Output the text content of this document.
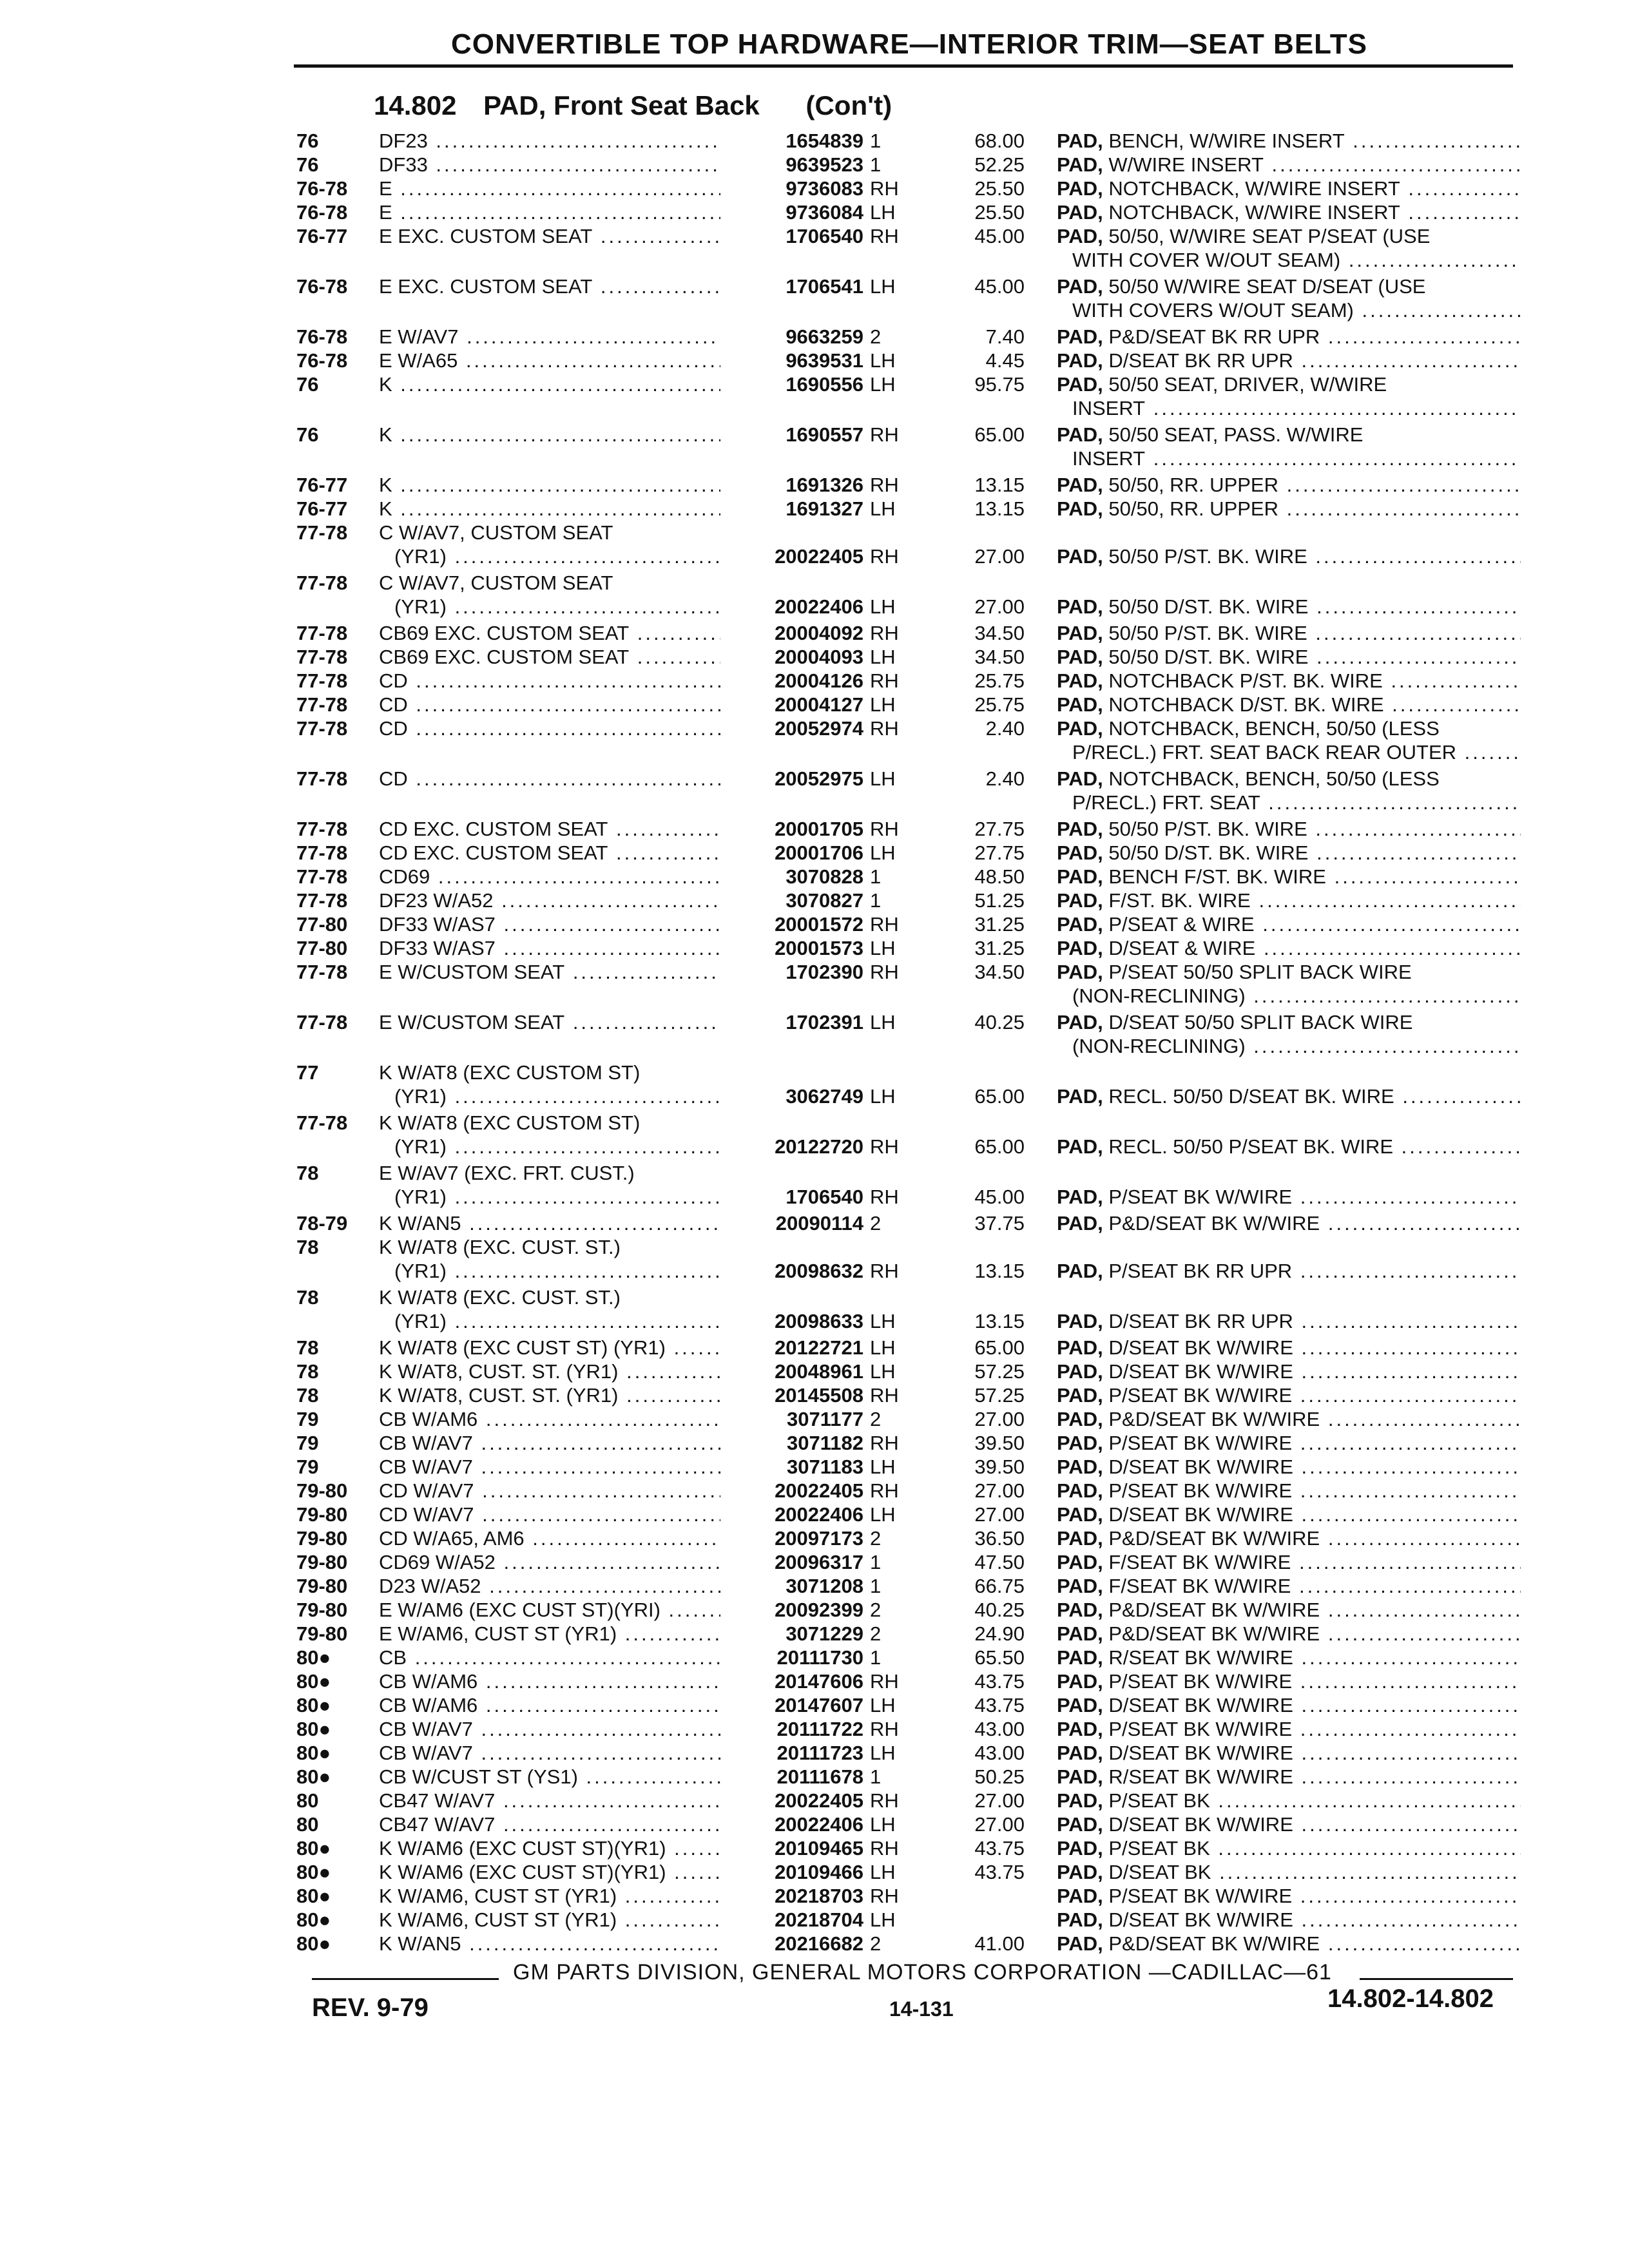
CONVERTIBLE TOP HARDWARE—INTERIOR TRIM—SEAT BELTS
14.802 PAD, Front Seat Back (Con't)
76	DF23 .....	1654839 1	68.00 PAD, BENCH, W/WIRE INSERT .....
76	DF33 .....	9639523 1	52.25 PAD, W/WIRE INSERT .....
76-78	E .....	9736083 RH	25.50 PAD, NOTCHBACK, W/WIRE INSERT .....
76-78	E .....	9736084 LH	25.50 PAD, NOTCHBACK, W/WIRE INSERT .....
76-77	E EXC. CUSTOM SEAT .....	1706540 RH	45.00 PAD, 50/50, W/WIRE SEAT P/SEAT (USE
WITH COVER W/OUT SEAM) .....
76-78	E EXC. CUSTOM SEAT .....	1706541 LH	45.00 PAD, 50/50 W/WIRE SEAT D/SEAT (USE
WITH COVERS W/OUT SEAM) .....
76-78	E W/AV7 .....	9663259 2	7.40 PAD, P&D/SEAT BK RR UPR .....
76-78	E W/A65 .....	9639531 LH	4.45 PAD, D/SEAT BK RR UPR .....
76	K .....	1690556 LH	95.75 PAD, 50/50 SEAT, DRIVER, W/WIRE
INSERT .....
76	K .....	1690557 RH	65.00 PAD, 50/50 SEAT, PASS. W/WIRE
INSERT .....
76-77	K .....	1691326 RH	13.15 PAD, 50/50, RR. UPPER .....
76-77	K .....	1691327 LH	13.15 PAD, 50/50, RR. UPPER .....
77-78	C W/AV7, CUSTOM SEAT
(YR1) .....	20022405 RH	27.00 PAD, 50/50 P/ST. BK. WIRE .....
77-78	C W/AV7, CUSTOM SEAT
(YR1) .....	20022406 LH	27.00 PAD, 50/50 D/ST. BK. WIRE .....
77-78	CB69 EXC. CUSTOM SEAT .....	20004092 RH	34.50 PAD, 50/50 P/ST. BK. WIRE .....
77-78	CB69 EXC. CUSTOM SEAT .....	20004093 LH	34.50 PAD, 50/50 D/ST. BK. WIRE .....
77-78	CD .....	20004126 RH	25.75 PAD, NOTCHBACK P/ST. BK. WIRE .....
77-78	CD .....	20004127 LH	25.75 PAD, NOTCHBACK D/ST. BK. WIRE .....
77-78	CD .....	20052974 RH	2.40 PAD, NOTCHBACK, BENCH, 50/50 (LESS
P/RECL.) FRT. SEAT BACK REAR OUTER .....
77-78	CD .....	20052975 LH	2.40 PAD, NOTCHBACK, BENCH, 50/50 (LESS
P/RECL.) FRT. SEAT .....
77-78	CD EXC. CUSTOM SEAT .....	20001705 RH	27.75 PAD, 50/50 P/ST. BK. WIRE .....
77-78	CD EXC. CUSTOM SEAT .....	20001706 LH	27.75 PAD, 50/50 D/ST. BK. WIRE .....
77-78	CD69 .....	3070828 1	48.50 PAD, BENCH F/ST. BK. WIRE .....
77-78	DF23 W/A52 .....	3070827 1	51.25 PAD, F/ST. BK. WIRE .....
77-80	DF33 W/AS7 .....	20001572 RH	31.25 PAD, P/SEAT & WIRE .....
77-80	DF33 W/AS7 .....	20001573 LH	31.25 PAD, D/SEAT & WIRE .....
77-78	E W/CUSTOM SEAT .....	1702390 RH	34.50 PAD, P/SEAT 50/50 SPLIT BACK WIRE
(NON-RECLINING) .....
77-78	E W/CUSTOM SEAT .....	1702391 LH	40.25 PAD, D/SEAT 50/50 SPLIT BACK WIRE
(NON-RECLINING) .....
77	K W/AT8 (EXC CUSTOM ST)
(YR1) .....	3062749 LH	65.00 PAD, RECL. 50/50 D/SEAT BK. WIRE .....
77-78	K W/AT8 (EXC CUSTOM ST)
(YR1) .....	20122720 RH	65.00 PAD, RECL. 50/50 P/SEAT BK. WIRE .....
78	E W/AV7 (EXC. FRT. CUST.)
(YR1) .....	1706540 RH	45.00 PAD, P/SEAT BK W/WIRE .....
78-79	K W/AN5 .....	20090114 2	37.75 PAD, P&D/SEAT BK W/WIRE .....
78	K W/AT8 (EXC. CUST. ST.)
(YR1) .....	20098632 RH	13.15 PAD, P/SEAT BK RR UPR .....
78	K W/AT8 (EXC. CUST. ST.)
(YR1) .....	20098633 LH	13.15 PAD, D/SEAT BK RR UPR .....
78	K W/AT8 (EXC CUST ST) (YR1) .....	20122721 LH	65.00 PAD, D/SEAT BK W/WIRE .....
78	K W/AT8, CUST. ST. (YR1) .....	20048961 LH	57.25 PAD, D/SEAT BK W/WIRE .....
78	K W/AT8, CUST. ST. (YR1) .....	20145508 RH	57.25 PAD, P/SEAT BK W/WIRE .....
79	CB W/AM6 .....	3071177 2	27.00 PAD, P&D/SEAT BK W/WIRE .....
79	CB W/AV7 .....	3071182 RH	39.50 PAD, P/SEAT BK W/WIRE .....
79	CB W/AV7 .....	3071183 LH	39.50 PAD, D/SEAT BK W/WIRE .....
79-80	CD W/AV7 .....	20022405 RH	27.00 PAD, P/SEAT BK W/WIRE .....
79-80	CD W/AV7 .....	20022406 LH	27.00 PAD, D/SEAT BK W/WIRE .....
79-80	CD W/A65, AM6 .....	20097173 2	36.50 PAD, P&D/SEAT BK W/WIRE .....
79-80	CD69 W/A52 .....	20096317 1	47.50 PAD, F/SEAT BK W/WIRE .....
79-80	D23 W/A52 .....	3071208 1	66.75 PAD, F/SEAT BK W/WIRE .....
79-80	E W/AM6 (EXC CUST ST)(YRI) .....	20092399 2	40.25 PAD, P&D/SEAT BK W/WIRE .....
79-80	E W/AM6, CUST ST (YR1) .....	3071229 2	24.90 PAD, P&D/SEAT BK W/WIRE .....
80●	CB .....	20111730 1	65.50 PAD, R/SEAT BK W/WIRE .....
80●	CB W/AM6 .....	20147606 RH	43.75 PAD, P/SEAT BK W/WIRE .....
80●	CB W/AM6 .....	20147607 LH	43.75 PAD, D/SEAT BK W/WIRE .....
80●	CB W/AV7 .....	20111722 RH	43.00 PAD, P/SEAT BK W/WIRE .....
80●	CB W/AV7 .....	20111723 LH	43.00 PAD, D/SEAT BK W/WIRE .....
80●	CB W/CUST ST (YS1) .....	20111678 1	50.25 PAD, R/SEAT BK W/WIRE .....
80	CB47 W/AV7 .....	20022405 RH	27.00 PAD, P/SEAT BK .....
80	CB47 W/AV7 .....	20022406 LH	27.00 PAD, D/SEAT BK W/WIRE .....
80●	K W/AM6 (EXC CUST ST)(YR1) .....	20109465 RH	43.75 PAD, P/SEAT BK .....
80●	K W/AM6 (EXC CUST ST)(YR1) .....	20109466 LH	43.75 PAD, D/SEAT BK .....
80●	K W/AM6, CUST ST (YR1) .....	20218703 RH	PAD, P/SEAT BK W/WIRE .....
80●	K W/AM6, CUST ST (YR1) .....	20218704 LH	PAD, D/SEAT BK W/WIRE .....
80●	K W/AN5 .....	20216682 2	41.00 PAD, P&D/SEAT BK W/WIRE .....
GM PARTS DIVISION, GENERAL MOTORS CORPORATION —CADILLAC—61
REV. 9-79	14-131	14.802-14.802
